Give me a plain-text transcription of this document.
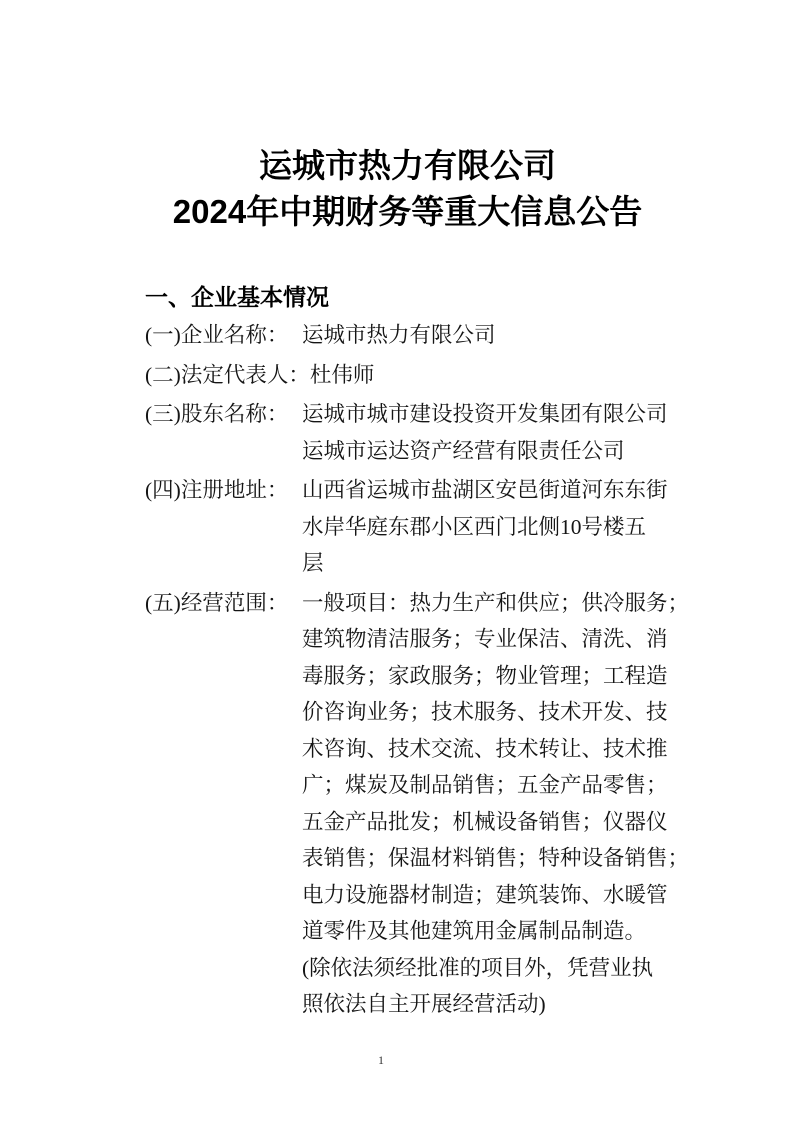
运城市热力有限公司
2024年中期财务等重大信息公告
一、企业基本情况
(一)企业名称： 运城市热力有限公司
(二)法定代表人： 杜伟师
(三)股东名称： 运城市城市建设投资开发集团有限公司
运城市运达资产经营有限责任公司
(四)注册地址： 山西省运城市盐湖区安邑街道河东东街
水岸华庭东郡小区西门北侧10号楼五
层
(五)经营范围： 一般项目：热力生产和供应；供冷服务；
建筑物清洁服务；专业保洁、清洗、消
毒服务；家政服务；物业管理；工程造
价咨询业务；技术服务、技术开发、技
术咨询、技术交流、技术转让、技术推
广；煤炭及制品销售；五金产品零售；
五金产品批发；机械设备销售；仪器仪
表销售；保温材料销售；特种设备销售；
电力设施器材制造；建筑装饰、水暖管
道零件及其他建筑用金属制品制造。
(除依法须经批准的项目外，凭营业执
照依法自主开展经营活动)
1
